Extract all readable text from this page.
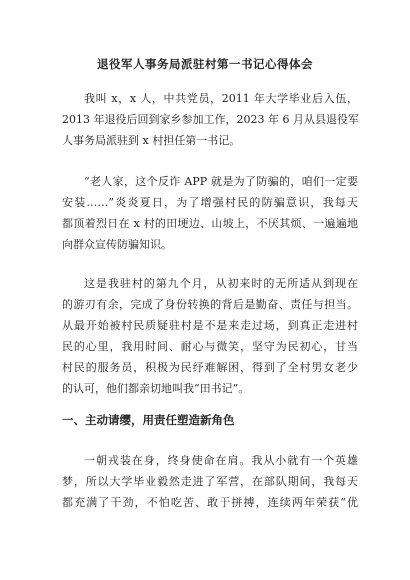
退役军人事务局派驻村第一书记心得体会
我叫 x，x 人，中共党员，2011 年大学毕业后入伍，
2013 年退役后回到家乡参加工作，2023 年 6 月从县退役军
人事务局派驻到 x 村担任第一书记。
“老人家，这个反诈 APP 就是为了防骗的，咱们一定要
安装……”炎炎夏日，为了增强村民的防骗意识，我每天
都顶着烈日在 x 村的田埂边、山坡上，不厌其烦、一遍遍地
向群众宣传防骗知识。
这是我驻村的第九个月，从初来时的无所适从到现在
的游刃有余，完成了身份转换的背后是勤奋、责任与担当。
从最开始被村民质疑驻村是不是来走过场，到真正走进村
民的心里，我用时间、耐心与微笑，坚守为民初心，甘当
村民的服务员，积极为民纾难解困，得到了全村男女老少
的认可，他们都亲切地叫我“田书记”。
一、主动请缨，用责任塑造新角色
一朝戎装在身，终身使命在肩。我从小就有一个英雄
梦，所以大学毕业毅然走进了军营，在部队期间，我每天
都充满了干劲，不怕吃苦、敢于拼搏，连续两年荣获“优
